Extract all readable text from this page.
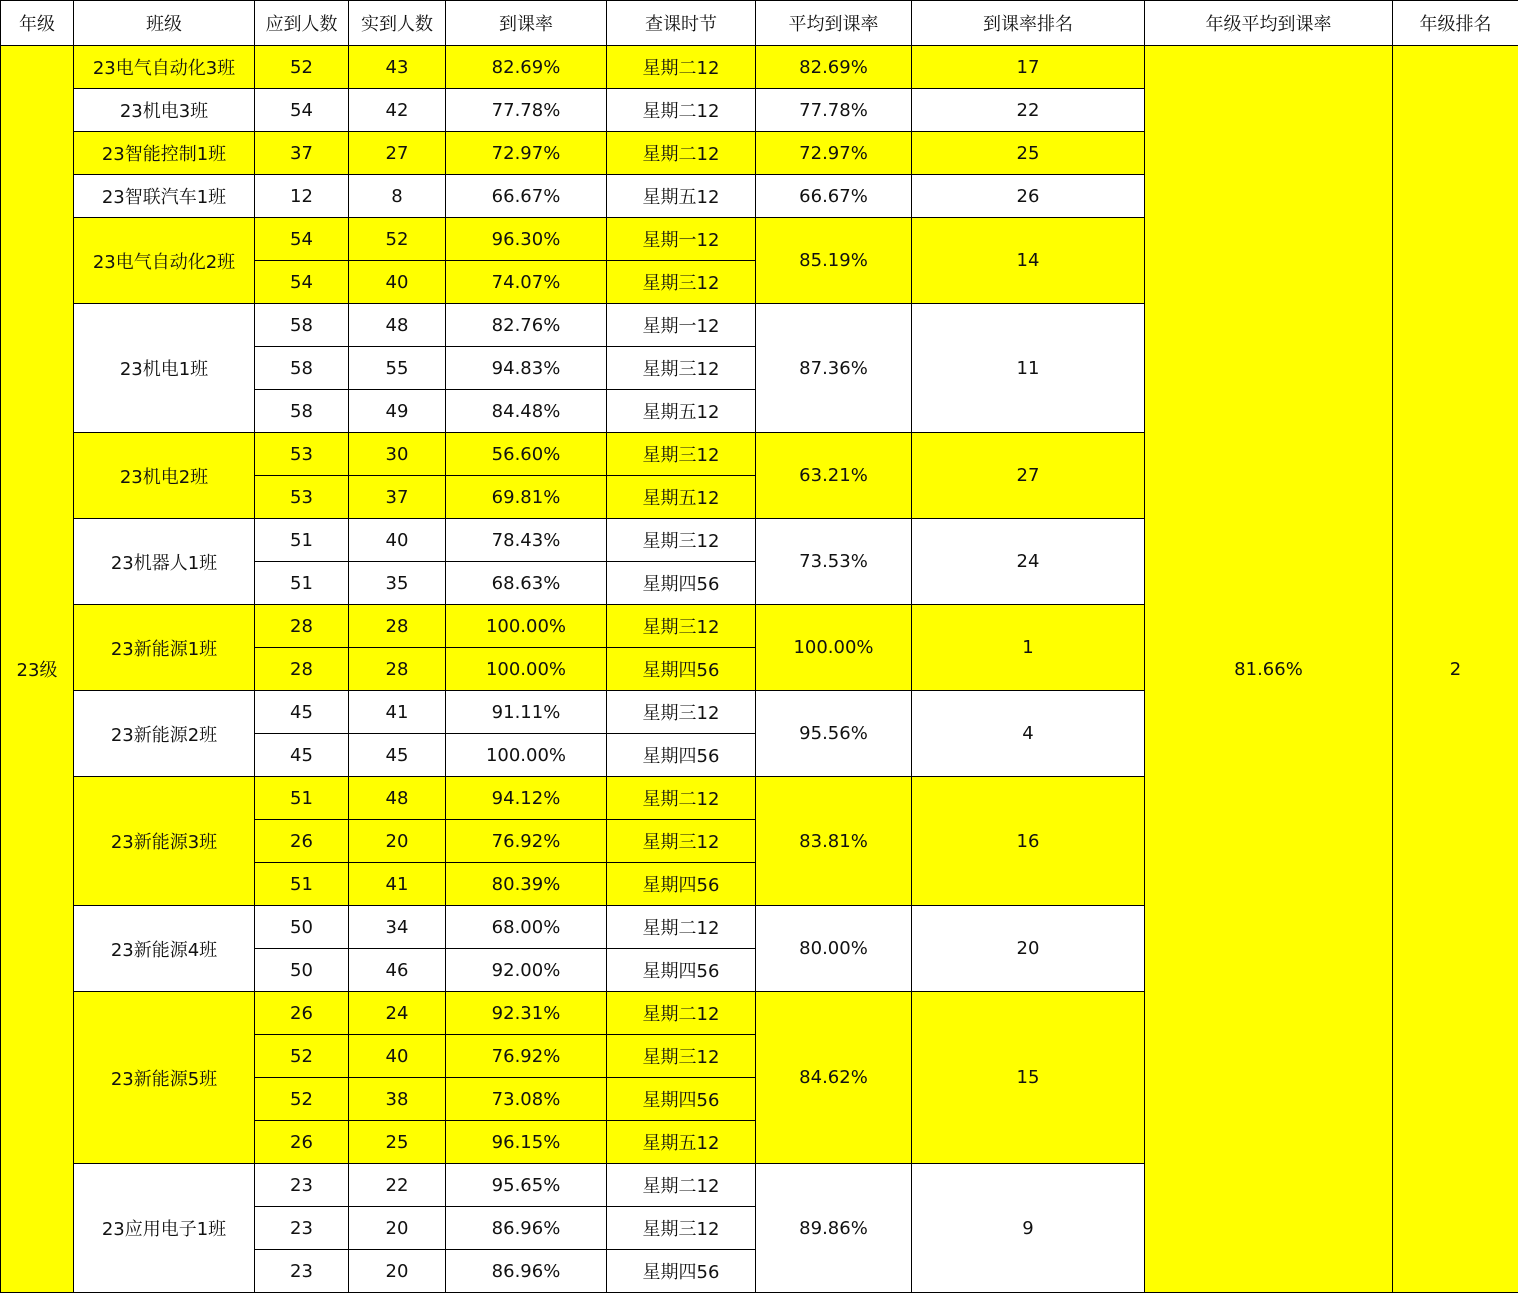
年级	班级	应到人数	实到人数	到课率	查课时节	平均到课率	到课率排名	年级平均到课率	年级排名
23级	23电气自动化3班	52	43	82.69%	星期二12	82.69%	17	81.66%	2
	23机电3班	54	42	77.78%	星期二12	77.78%	22		
	23智能控制1班	37	27	72.97%	星期二12	72.97%	25		
	23智联汽车1班	12	8	66.67%	星期五12	66.67%	26		
	23电气自动化2班	54	52	96.30%	星期一12	85.19%	14		
		54	40	74.07%	星期三12				
	23机电1班	58	48	82.76%	星期一12	87.36%	11		
		58	55	94.83%	星期三12				
		58	49	84.48%	星期五12				
	23机电2班	53	30	56.60%	星期三12	63.21%	27		
		53	37	69.81%	星期五12				
	23机器人1班	51	40	78.43%	星期三12	73.53%	24		
		51	35	68.63%	星期四56				
	23新能源1班	28	28	100.00%	星期三12	100.00%	1		
		28	28	100.00%	星期四56				
	23新能源2班	45	41	91.11%	星期三12	95.56%	4		
		45	45	100.00%	星期四56				
	23新能源3班	51	48	94.12%	星期二12	83.81%	16		
		26	20	76.92%	星期三12				
		51	41	80.39%	星期四56				
	23新能源4班	50	34	68.00%	星期二12	80.00%	20		
		50	46	92.00%	星期四56				
	23新能源5班	26	24	92.31%	星期二12	84.62%	15		
		52	40	76.92%	星期三12				
		52	38	73.08%	星期四56				
		26	25	96.15%	星期五12				
	23应用电子1班	23	22	95.65%	星期二12	89.86%	9		
		23	20	86.96%	星期三12				
		23	20	86.96%	星期四56				
